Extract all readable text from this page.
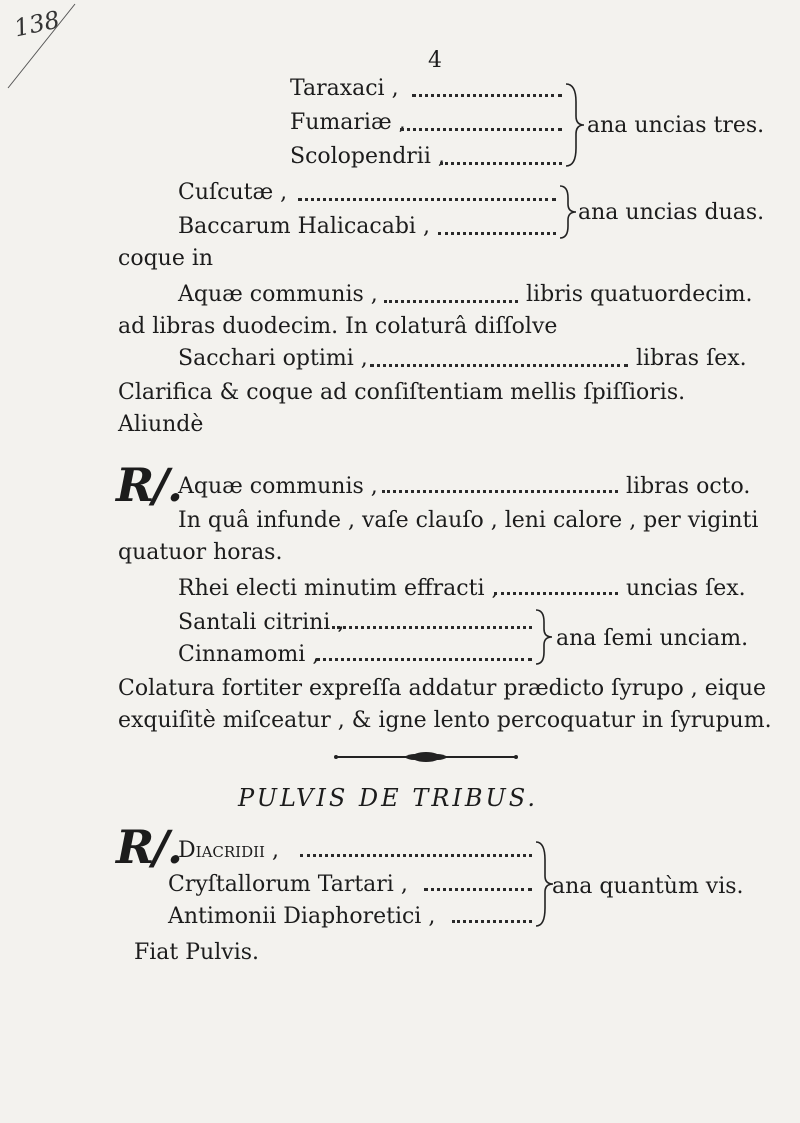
138
4
Taraxaci ,
Fumariæ ,
Scolopendrii ,
ana uncias tres.
Cuſcutæ ,
Baccarum Halicacabi ,
ana uncias duas.
coque in
Aquæ communis ,	libris quatuordecim.
ad libras duodecim. In colaturâ diſſolve
Sacchari optimi ,	libras ſex.
Clarifica & coque ad conſiſtentiam mellis ſpiſſioris.
Aliundè
R/.
Aquæ communis ,	libras octo.
In quâ infunde , vaſe clauſo , leni calore , per viginti
quatuor horas.
Rhei electi minutim effracti ,	uncias ſex.
Santali citrini ,
Cinnamomi ,
ana ſemi unciam.
Colatura fortiter expreſſa addatur prædicto ſyrupo , eique
exquiſitè miſceatur , & igne lento percoquatur in ſyrupum.
PULVIS DE TRIBUS.
R/.
Diacridii ,
Cryſtallorum Tartari ,
Antimonii Diaphoretici ,
ana quantùm vis.
Fiat Pulvis.
